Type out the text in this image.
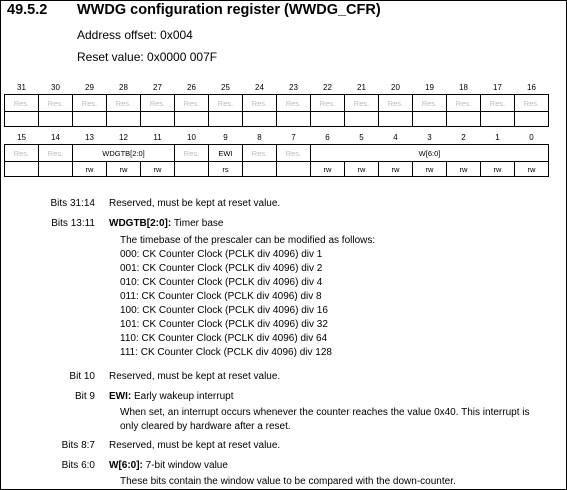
49.5.2 WWDG configuration register (WWDG_CFR)
Address offset: 0x004
Reset value: 0x0000 007F
31	30	29	28	27	26	25	24	23	22	21	20	19	18	17	16
Res.	Res.	Res.	Res.	Res.	Res.	Res.	Res.	Res.	Res.	Res.	Res.	Res.	Res.	Res.	Res.

15	14	13	12	11	10	9	8	7	6	5	4	3	2	1	0
Res.	Res.	WDGTB[2:0]			Res.	EWI	Res.	Res.	W[6:0]						
		rw	rw	rw		rs			rw	rw	rw	rw	rw	rw	rw
Bits 31:14 Reserved, must be kept at reset value.
Bits 13:11 WDGTB[2:0]: Timer base
The timebase of the prescaler can be modified as follows:
000: CK Counter Clock (PCLK div 4096) div 1
001: CK Counter Clock (PCLK div 4096) div 2
010: CK Counter Clock (PCLK div 4096) div 4
011: CK Counter Clock (PCLK div 4096) div 8
100: CK Counter Clock (PCLK div 4096) div 16
101: CK Counter Clock (PCLK div 4096) div 32
110: CK Counter Clock (PCLK div 4096) div 64
111: CK Counter Clock (PCLK div 4096) div 128
Bit 10 Reserved, must be kept at reset value.
Bit 9 EWI: Early wakeup interrupt
When set, an interrupt occurs whenever the counter reaches the value 0x40. This interrupt is
only cleared by hardware after a reset.
Bits 8:7 Reserved, must be kept at reset value.
Bits 6:0 W[6:0]: 7-bit window value
These bits contain the window value to be compared with the down-counter.
